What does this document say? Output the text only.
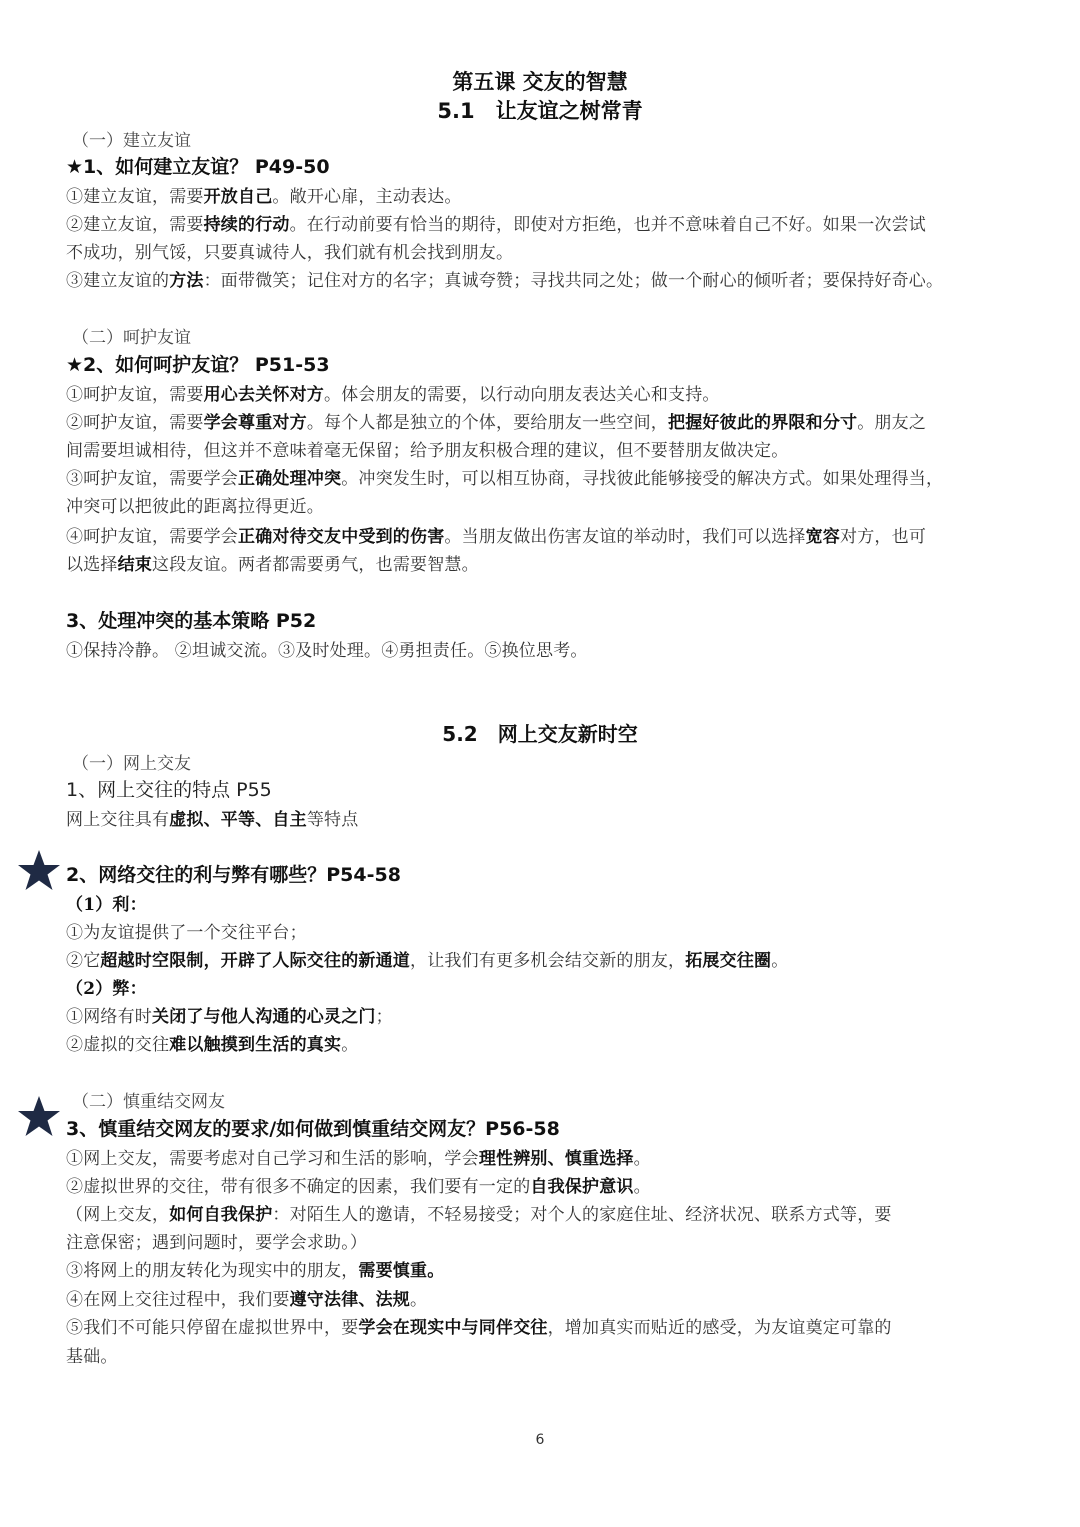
第五课 交友的智慧
5.1　让友谊之树常青
（一）建立友谊
★1、如何建立友谊？ P49-50
①建立友谊，需要开放自己。敞开心扉，主动表达。
②建立友谊，需要持续的行动。在行动前要有恰当的期待，即使对方拒绝，也并不意味着自己不好。如果一次尝试
不成功，别气馁，只要真诚待人，我们就有机会找到朋友。
③建立友谊的方法：面带微笑；记住对方的名字；真诚夸赞；寻找共同之处；做一个耐心的倾听者；要保持好奇心。
（二）呵护友谊
★2、如何呵护友谊？ P51-53
①呵护友谊，需要用心去关怀对方。体会朋友的需要，以行动向朋友表达关心和支持。
②呵护友谊，需要学会尊重对方。每个人都是独立的个体，要给朋友一些空间，把握好彼此的界限和分寸。朋友之
间需要坦诚相待，但这并不意味着毫无保留；给予朋友积极合理的建议，但不要替朋友做决定。
③呵护友谊，需要学会正确处理冲突。冲突发生时，可以相互协商，寻找彼此能够接受的解决方式。如果处理得当，
冲突可以把彼此的距离拉得更近。
④呵护友谊，需要学会正确对待交友中受到的伤害。当朋友做出伤害友谊的举动时，我们可以选择宽容对方，也可
以选择结束这段友谊。两者都需要勇气，也需要智慧。
3、处理冲突的基本策略 P52
①保持冷静。 ②坦诚交流。③及时处理。④勇担责任。⑤换位思考。
5.2　网上交友新时空
（一）网上交友
1、网上交往的特点 P55
网上交往具有虚拟、平等、自主等特点
2、网络交往的利与弊有哪些？P54-58
（1）利：
①为友谊提供了一个交往平台；
②它超越时空限制，开辟了人际交往的新通道，让我们有更多机会结交新的朋友，拓展交往圈。
（2）弊：
①网络有时关闭了与他人沟通的心灵之门；
②虚拟的交往难以触摸到生活的真实。
（二）慎重结交网友
3、慎重结交网友的要求/如何做到慎重结交网友？P56-58
①网上交友，需要考虑对自己学习和生活的影响，学会理性辨别、慎重选择。
②虚拟世界的交往，带有很多不确定的因素，我们要有一定的自我保护意识。
（网上交友，如何自我保护：对陌生人的邀请，不轻易接受；对个人的家庭住址、经济状况、联系方式等，要
注意保密；遇到问题时，要学会求助。）
③将网上的朋友转化为现实中的朋友，需要慎重。
④在网上交往过程中，我们要遵守法律、法规。
⑤我们不可能只停留在虚拟世界中，要学会在现实中与同伴交往，增加真实而贴近的感受，为友谊奠定可靠的
基础。
6
